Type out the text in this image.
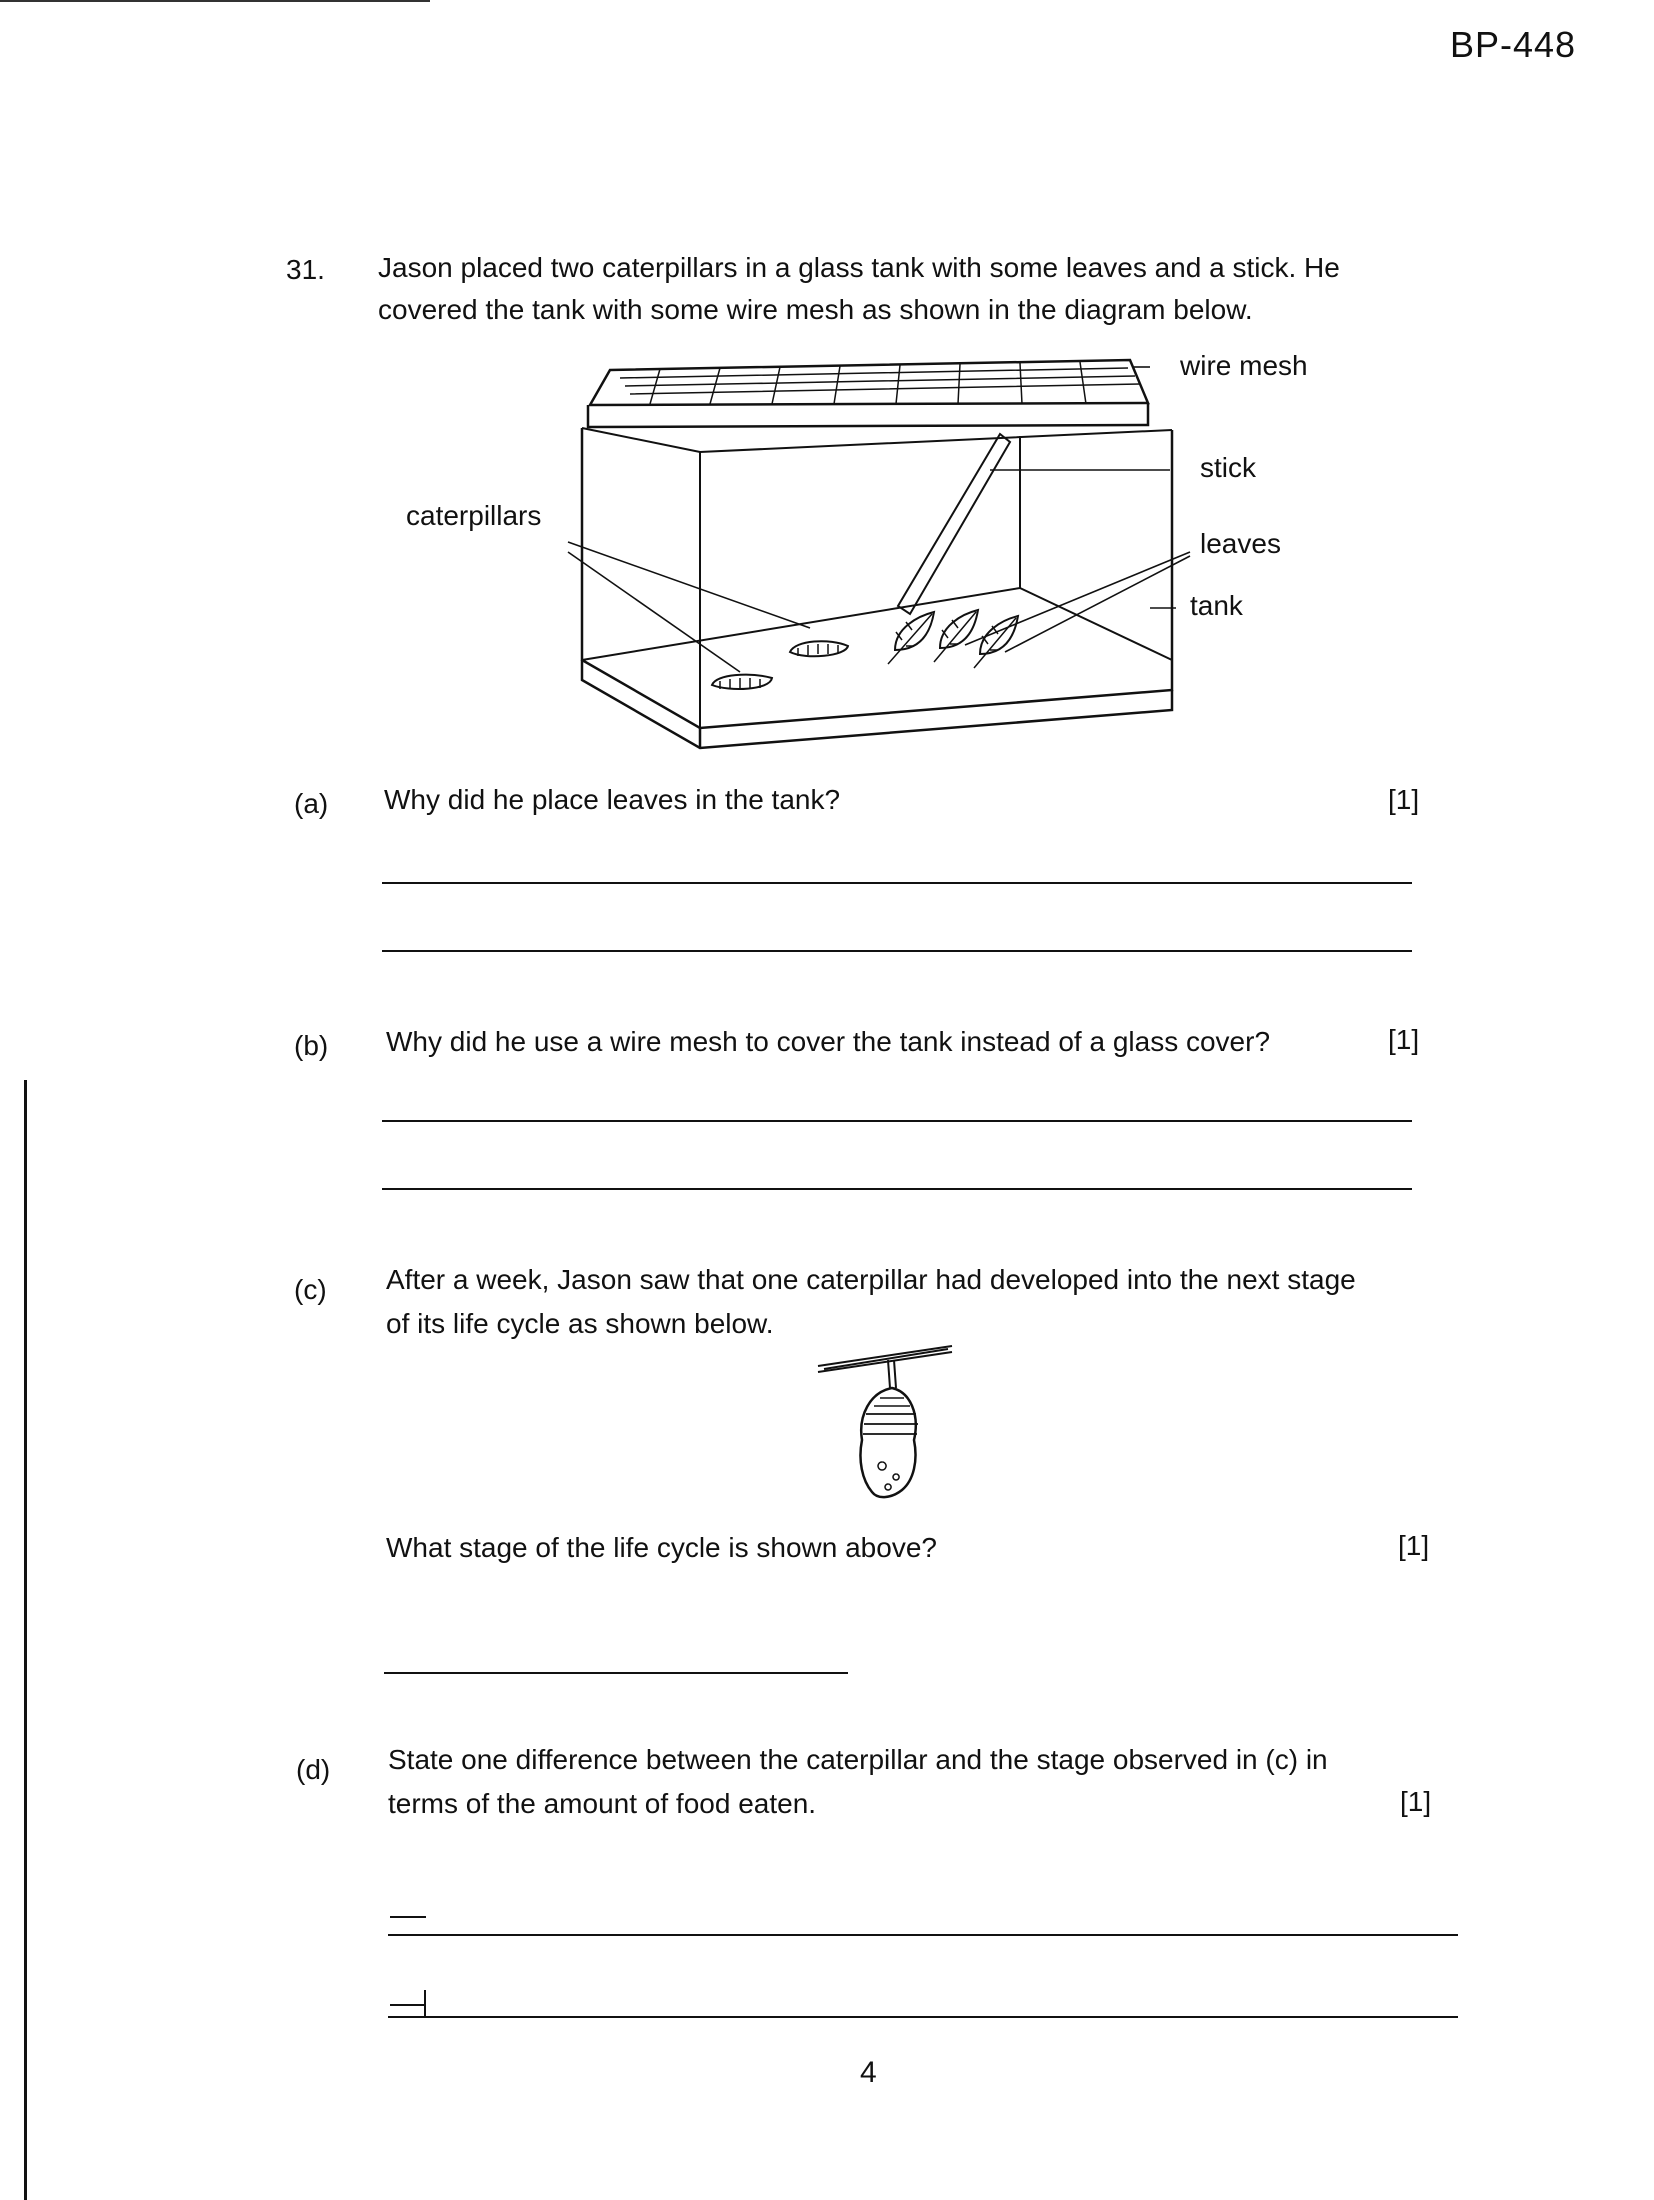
BP-448
31. Jason placed two caterpillars in a glass tank with some leaves and a stick. He
covered the tank with some wire mesh as shown in the diagram below.
wire mesh
stick
caterpillars
leaves
tank
(a) Why did he place leaves in the tank?	[1]
(b) Why did he use a wire mesh to cover the tank instead of a glass cover?	[1]
(c) After a week, Jason saw that one caterpillar had developed into the next stage
of its life cycle as shown below.
What stage of the life cycle is shown above?	[1]
(d) State one difference between the caterpillar and the stage observed in (c) in
terms of the amount of food eaten.	[1]
4
